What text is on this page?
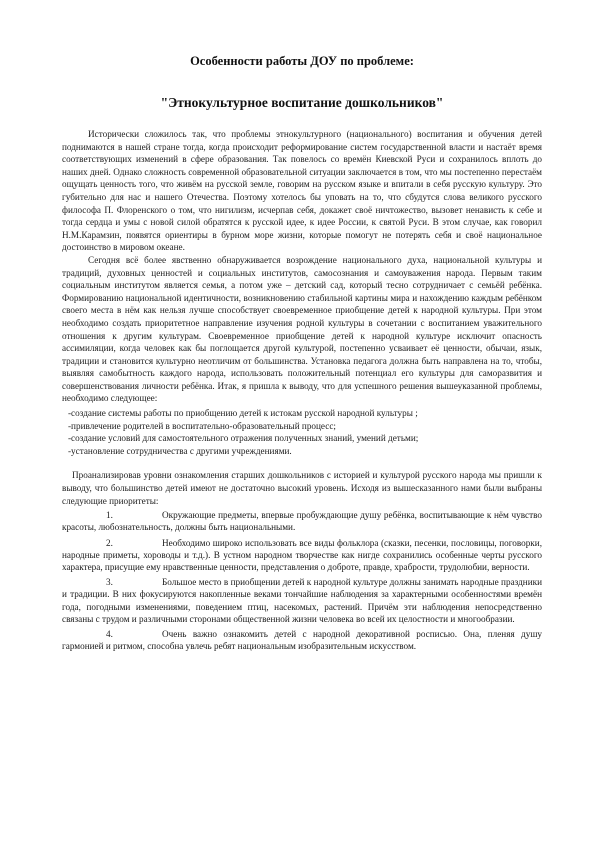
Особенности работы ДОУ по проблеме:
"Этнокультурное воспитание дошкольников"

Исторически сложилось так, что проблемы этнокультурного (национального) воспитания и обучения детей поднимаются в нашей стране тогда, когда происходит реформирование систем государственной власти и настаёт время соответствующих изменений в сфере образования. Так повелось со времён Киевской Руси и сохранилось вплоть до наших дней. Однако сложность современной образовательной ситуации заключается в том, что мы постепенно перестаём ощущать ценность того, что живём на русской земле, говорим на русском языке и впитали в себя русскую культуру. Это губительно для нас и нашего Отечества. Поэтому хотелось бы уповать на то, что сбудутся слова великого русского философа П. Флоренского о том, что нигилизм, исчерпав себя, докажет своё ничтожество, вызовет ненависть к себе и тогда сердца и умы с новой силой обратятся к русской идее, к идее России, к святой Руси. В этом случае, как говорил Н.М.Карамзин, появятся ориентиры в бурном море жизни, которые помогут не потерять себя и своё национальное достоинство в мировом океане.

Сегодня всё более явственно обнаруживается возрождение национального духа, национальной культуры и традиций, духовных ценностей и социальных институтов, самосознания и самоуважения народа. Первым таким социальным институтом является семья, а потом уже – детский сад, который тесно сотрудничает с семьёй ребёнка. Формированию национальной идентичности, возникновению стабильной картины мира и нахождению каждым ребёнком своего места в нём как нельзя лучше способствует своевременное приобщение детей к народной культуры. При этом необходимо создать приоритетное направление изучения родной культуры в сочетании с воспитанием уважительного отношения к другим культурам. Своевременное приобщение детей к народной культуре исключит опасность ассимиляции, когда человек как бы поглощается другой культурой, постепенно усваивает её ценности, обычаи, язык, традиции и становится культурно неотличим от большинства. Установка педагога должна быть направлена на то, чтобы, выявляя самобытность каждого народа, использовать положительный потенциал его культуры для саморазвития и совершенствования личности ребёнка. Итак, я пришла к выводу, что для успешного решения вышеуказанной проблемы, необходимо следующее:

-создание системы работы по приобщению детей к истокам русской народной культуры ;
-привлечение родителей в воспитательно-образовательный процесс;
-создание условий для самостоятельного отражения полученных знаний, умений детьми;
-установление сотрудничества с другими учреждениями.

Проанализировав уровни ознакомления старших дошкольников с историей и культурой русского народа мы пришли к выводу, что большинство детей имеют не достаточно высокий уровень. Исходя из вышесказанного нами были выбраны следующие приоритеты:

1.	Окружающие предметы, впервые пробуждающие душу ребёнка, воспитывающие к нём чувство красоты, любознательность, должны быть национальными.
2.	Необходимо широко использовать все виды фольклора (сказки, песенки, пословицы, поговорки, народные приметы, хороводы и т.д.). В устном народном творчестве как нигде сохранились особенные черты русского характера, присущие ему нравственные ценности, представления о доброте, правде, храбрости, трудолюбии, верности.
3.	Большое место в приобщении детей к народной культуре должны занимать народные праздники и традиции. В них фокусируются накопленные веками тончайшие наблюдения за характерными особенностями времён года, погодными изменениями, поведением птиц, насекомых, растений. Причём эти наблюдения непосредственно связаны с трудом и различными сторонами общественной жизни человека во всей их целостности и многообразии.
4.	Очень важно ознакомить детей с народной декоративной росписью. Она, пленяя душу гармонией и ритмом, способна увлечь ребят национальным изобразительным искусством.
